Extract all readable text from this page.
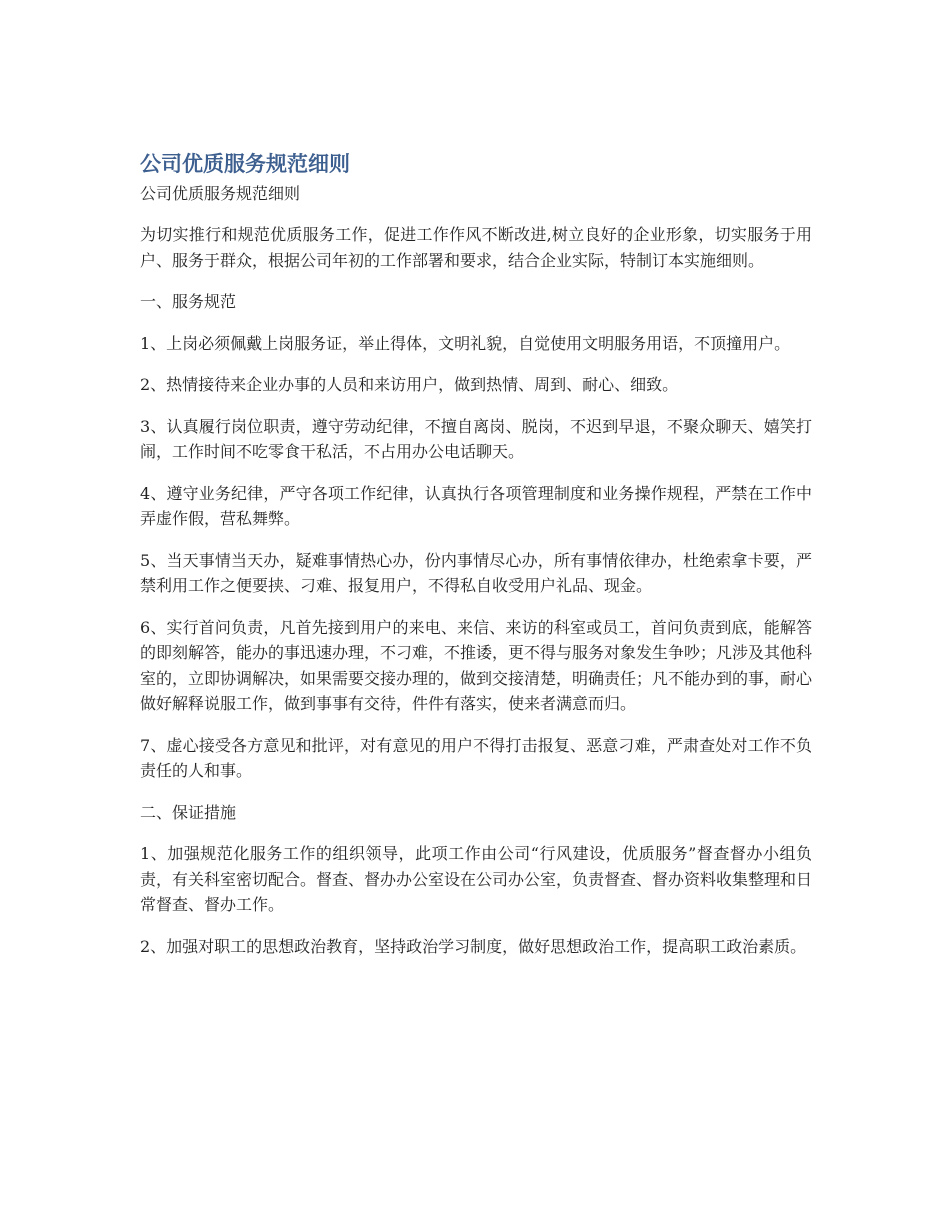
公司优质服务规范细则

公司优质服务规范细则

为切实推行和规范优质服务工作，促进工作作风不断改进,树立良好的企业形象，切实服务于用户、服务于群众，根据公司年初的工作部署和要求，结合企业实际，特制订本实施细则。

一、服务规范

1、上岗必须佩戴上岗服务证，举止得体，文明礼貌，自觉使用文明服务用语，不顶撞用户。

2、热情接待来企业办事的人员和来访用户，做到热情、周到、耐心、细致。

3、认真履行岗位职责，遵守劳动纪律，不擅自离岗、脱岗，不迟到早退，不聚众聊天、嬉笑打闹，工作时间不吃零食干私活，不占用办公电话聊天。

4、遵守业务纪律，严守各项工作纪律，认真执行各项管理制度和业务操作规程，严禁在工作中弄虚作假，营私舞弊。

5、当天事情当天办，疑难事情热心办，份内事情尽心办，所有事情依律办，杜绝索拿卡要，严禁利用工作之便要挟、刁难、报复用户，不得私自收受用户礼品、现金。

6、实行首问负责，凡首先接到用户的来电、来信、来访的科室或员工，首问负责到底，能解答的即刻解答，能办的事迅速办理，不刁难，不推诿，更不得与服务对象发生争吵；凡涉及其他科室的，立即协调解决，如果需要交接办理的，做到交接清楚，明确责任；凡不能办到的事，耐心做好解释说服工作，做到事事有交待，件件有落实，使来者满意而归。

7、虚心接受各方意见和批评，对有意见的用户不得打击报复、恶意刁难，严肃查处对工作不负责任的人和事。

二、保证措施

1、加强规范化服务工作的组织领导，此项工作由公司“行风建设，优质服务”督查督办小组负责，有关科室密切配合。督查、督办办公室设在公司办公室，负责督查、督办资料收集整理和日常督查、督办工作。

2、加强对职工的思想政治教育，坚持政治学习制度，做好思想政治工作，提高职工政治素质。
